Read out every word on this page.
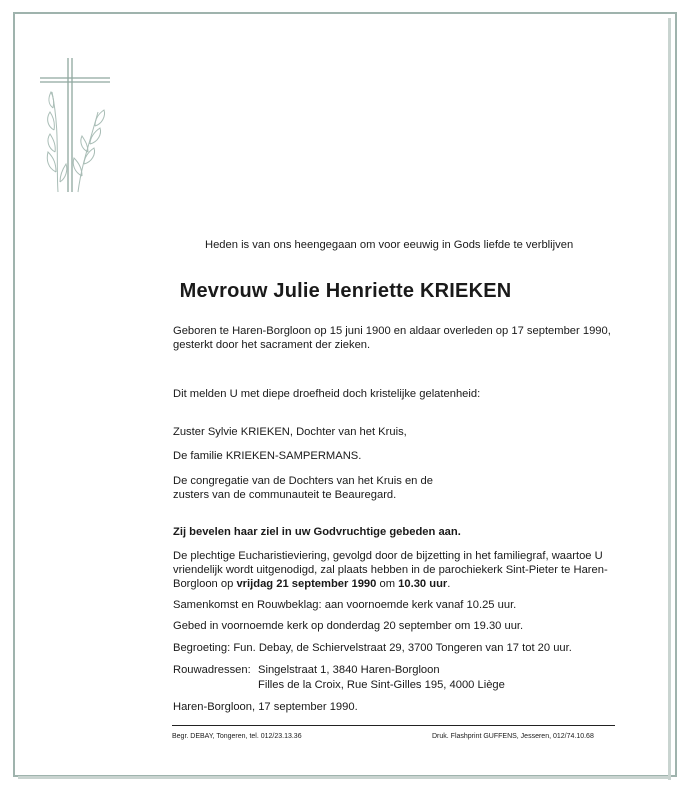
Heden is van ons heengegaan om voor eeuwig in Gods liefde te verblijven
Mevrouw Julie Henriette KRIEKEN
Geboren te Haren-Borgloon op 15 juni 1900 en aldaar overleden op 17 september 1990,
gesterkt door het sacrament der zieken.
Dit melden U met diepe droefheid doch kristelijke gelatenheid:
Zuster Sylvie KRIEKEN, Dochter van het Kruis,
De familie KRIEKEN-SAMPERMANS.
De congregatie van de Dochters van het Kruis en de
zusters van de communauteit te Beauregard.
Zij bevelen haar ziel in uw Godvruchtige gebeden aan.
De plechtige Eucharistieviering, gevolgd door de bijzetting in het familiegraf, waartoe U
vriendelijk wordt uitgenodigd, zal plaats hebben in de parochiekerk Sint-Pieter te Haren-
Borgloon op vrijdag 21 september 1990 om 10.30 uur.
Samenkomst en Rouwbeklag: aan voornoemde kerk vanaf 10.25 uur.
Gebed in voornoemde kerk op donderdag 20 september om 19.30 uur.
Begroeting: Fun. Debay, de Schiervelstraat 29, 3700 Tongeren van 17 tot 20 uur.
Rouwadressen: Singelstraat 1, 3840 Haren-Borgloon
Filles de la Croix, Rue Sint-Gilles 195, 4000 Liège
Haren-Borgloon, 17 september 1990.
Begr. DEBAY, Tongeren, tel. 012/23.13.36	Druk. Flashprint GUFFENS, Jesseren, 012/74.10.68
